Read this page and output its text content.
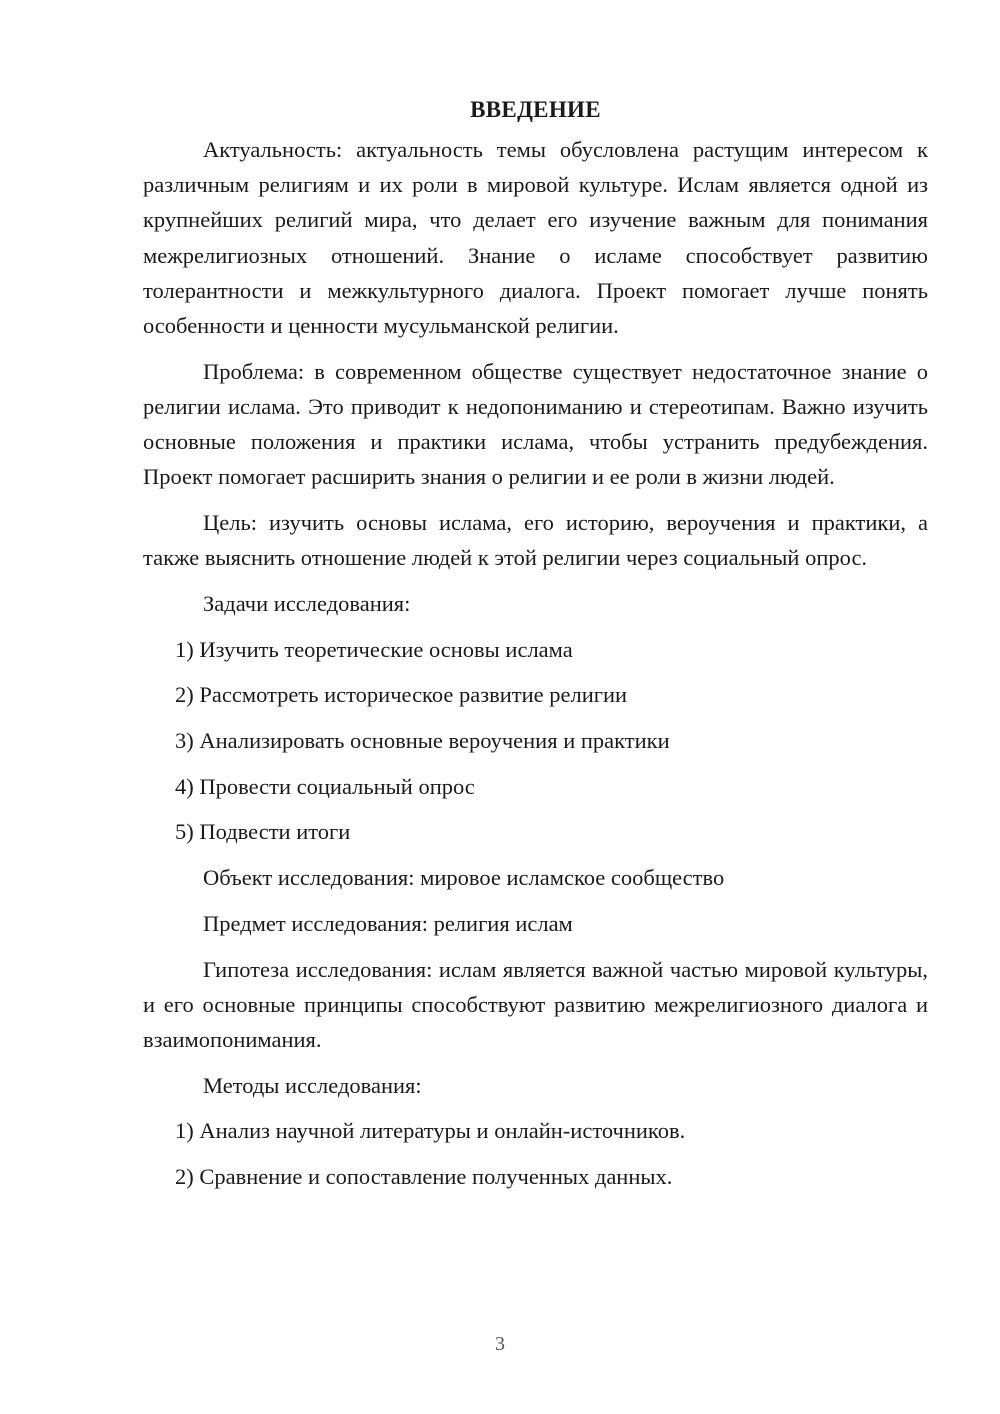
ВВЕДЕНИЕ

Актуальность: актуальность темы обусловлена растущим интересом к различным религиям и их роли в мировой культуре. Ислам является одной из крупнейших религий мира, что делает его изучение важным для понимания межрелигиозных отношений. Знание о исламе способствует развитию толерантности и межкультурного диалога. Проект помогает лучше понять особенности и ценности мусульманской религии.

Проблема: в современном обществе существует недостаточное знание о религии ислама. Это приводит к недопониманию и стереотипам. Важно изучить основные положения и практики ислама, чтобы устранить предубеждения. Проект помогает расширить знания о религии и ее роли в жизни людей.

Цель: изучить основы ислама, его историю, вероучения и практики, а также выяснить отношение людей к этой религии через социальный опрос.

Задачи исследования:
1) Изучить теоретические основы ислама
2) Рассмотреть историческое развитие религии
3) Анализировать основные вероучения и практики
4) Провести социальный опрос
5) Подвести итоги
Объект исследования: мировое исламское сообщество
Предмет исследования: религия ислам

Гипотеза исследования: ислам является важной частью мировой культуры, и его основные принципы способствуют развитию межрелигиозного диалога и взаимопонимания.

Методы исследования:
1) Анализ научной литературы и онлайн-источников.
2) Сравнение и сопоставление полученных данных.
3
